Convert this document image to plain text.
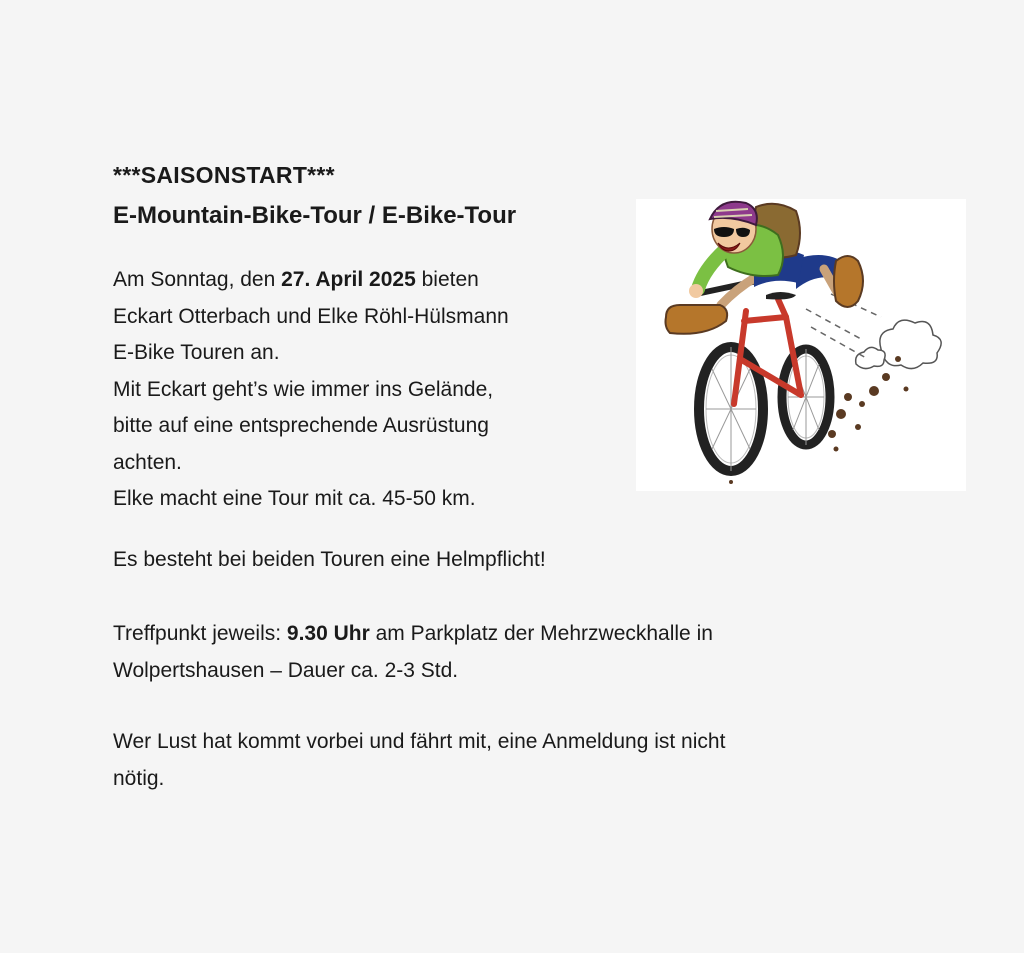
***SAISONSTART***
E-Mountain-Bike-Tour / E-Bike-Tour
Am Sonntag, den 27. April 2025 bieten
Eckart Otterbach und Elke Röhl-Hülsmann
E-Bike Touren an.
Mit Eckart geht’s wie immer ins Gelände,
bitte auf eine entsprechende Ausrüstung
achten.
Elke macht eine Tour mit ca. 45-50 km.
Es besteht bei beiden Touren eine Helmpflicht!
Treffpunkt jeweils: 9.30 Uhr am Parkplatz der Mehrzweckhalle in
Wolpertshausen – Dauer ca. 2-3 Std.
Wer Lust hat kommt vorbei und fährt mit, eine Anmeldung ist nicht
nötig.
